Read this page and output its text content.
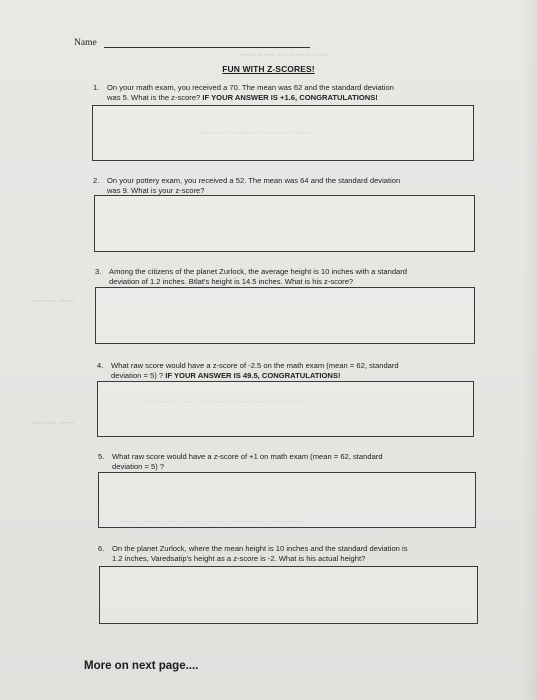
~~~ ~~~ ~~ ~~~~ ~~~
~~~~~ ~~~~~~ ~~~ ~~ ~~~~
~~~~~ ~~~
~~~~~ ~~~
~~~ ~~~~ ~~ ~~~~~~~ ~~~~~~ ~~~ ~~~~
~~~ ~~~~ ~~~ ~~~~~ ~~~ ~~~~~~~ ~~~~~~~
Name
FUN WITH Z-SCORES!
1. On your math exam, you received a 70. The mean was 62 and the standard deviation
was 5. What is the z-score? IF YOUR ANSWER IS +1.6, CONGRATULATIONS!
2. On your pottery exam, you received a 52. The mean was 64 and the standard deviation
was 9. What is your z-score?
3. Among the citizens of the planet Zurlock, the average height is 10 inches with a standard
deviation of 1.2 inches. Btlat's height is 14.5 inches. What is his z-score?
4. What raw score would have a z-score of -2.5 on the math exam (mean = 62, standard
deviation = 5) ? IF YOUR ANSWER IS 49.5, CONGRATULATIONS!
5. What raw score would have a z-score of +1 on math exam (mean = 62, standard
deviation = 5) ?
6. On the planet Zurlock, where the mean height is 10 inches and the standard deviation is
1.2 inches, Varedsatip's height as a z-score is -2. What is his actual height?
More on next page....
